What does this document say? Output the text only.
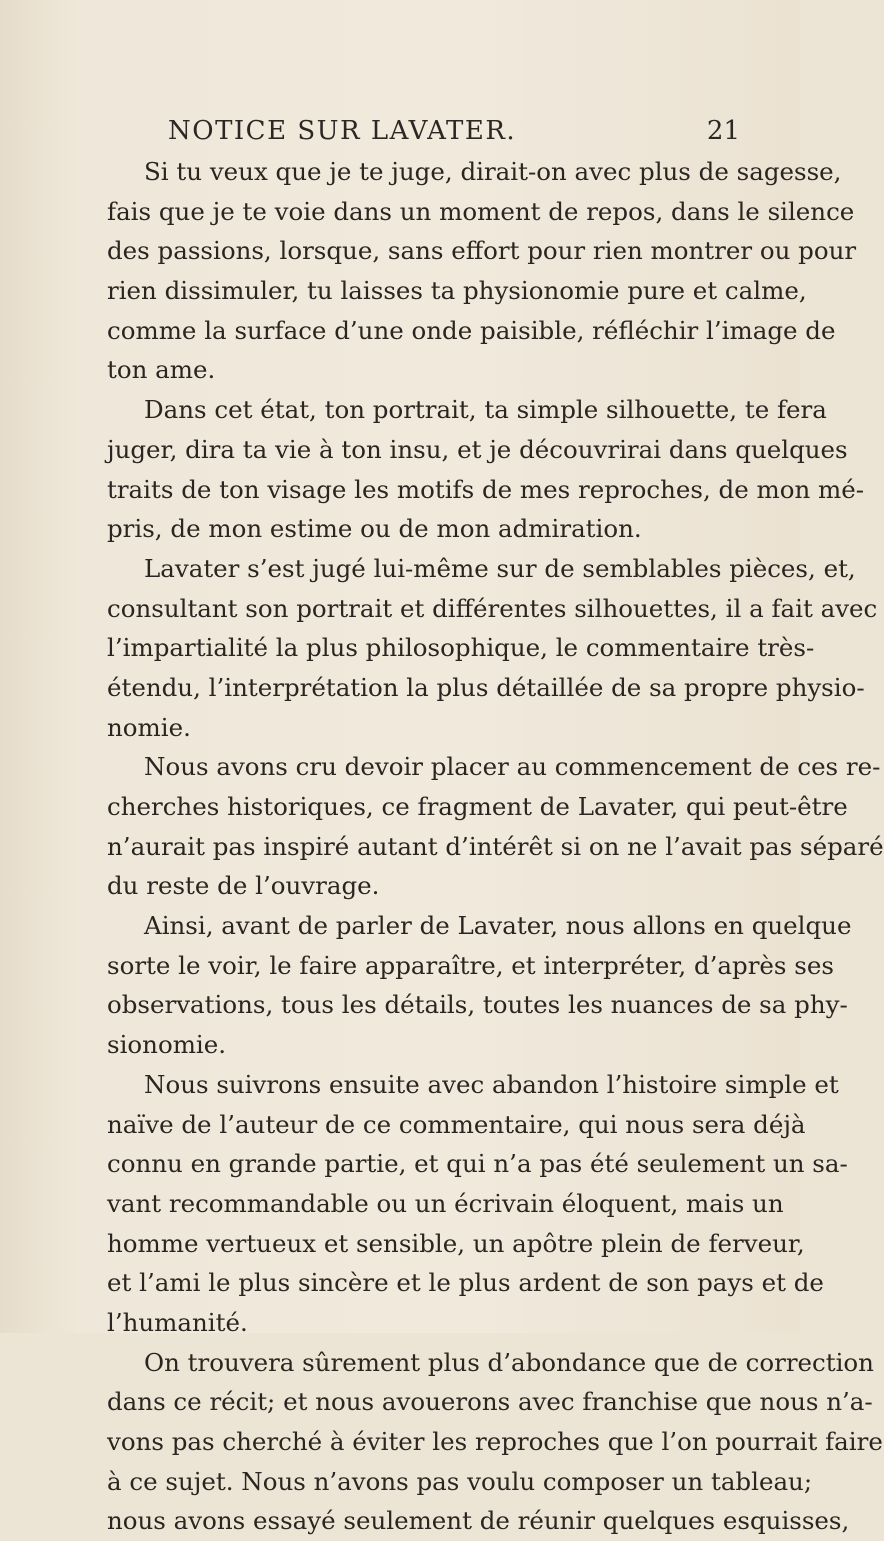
NOTICE SUR LAVATER.	21
Si tu veux que je te juge, dirait-on avec plus de sagesse,
fais que je te voie dans un moment de repos, dans le silence
des passions, lorsque, sans effort pour rien montrer ou pour
rien dissimuler, tu laisses ta physionomie pure et calme,
comme la surface d’une onde paisible, réfléchir l’image de
ton ame.
Dans cet état, ton portrait, ta simple silhouette, te fera
juger, dira ta vie à ton insu, et je découvrirai dans quelques
traits de ton visage les motifs de mes reproches, de mon mé-
pris, de mon estime ou de mon admiration.
Lavater s’est jugé lui-même sur de semblables pièces, et,
consultant son portrait et différentes silhouettes, il a fait avec
l’impartialité la plus philosophique, le commentaire très-
étendu, l’interprétation la plus détaillée de sa propre physio-
nomie.
Nous avons cru devoir placer au commencement de ces re-
cherches historiques, ce fragment de Lavater, qui peut-être
n’aurait pas inspiré autant d’intérêt si on ne l’avait pas séparé
du reste de l’ouvrage.
Ainsi, avant de parler de Lavater, nous allons en quelque
sorte le voir, le faire apparaître, et interpréter, d’après ses
observations, tous les détails, toutes les nuances de sa phy-
sionomie.
Nous suivrons ensuite avec abandon l’histoire simple et
naïve de l’auteur de ce commentaire, qui nous sera déjà
connu en grande partie, et qui n’a pas été seulement un sa-
vant recommandable ou un écrivain éloquent, mais un
homme vertueux et sensible, un apôtre plein de ferveur,
et l’ami le plus sincère et le plus ardent de son pays et de
l’humanité.
On trouvera sûrement plus d’abondance que de correction
dans ce récit; et nous avouerons avec franchise que nous n’a-
vons pas cherché à éviter les reproches que l’on pourrait faire
à ce sujet. Nous n’avons pas voulu composer un tableau;
nous avons essayé seulement de réunir quelques esquisses,
